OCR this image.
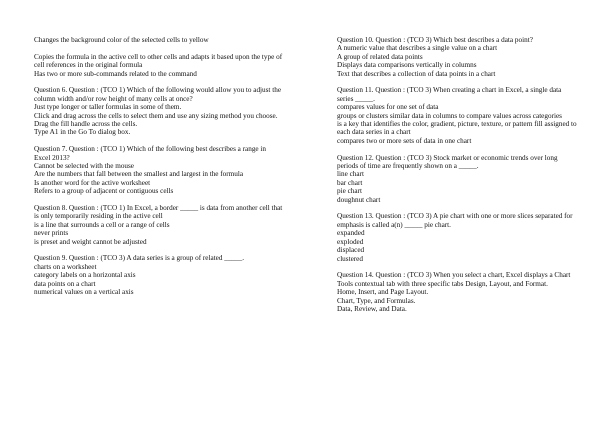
Changes the background color of the selected cells to yellow
Copies the formula in the active cell to other cells and adapts it based upon the type of cell references in the original formula
Has two or more sub-commands related to the command
Question 6. Question : (TCO 1) Which of the following would allow you to adjust the column width and/or row height of many cells at once?
Just type longer or taller formulas in some of them.
Click and drag across the cells to select them and use any sizing method you choose.
Drag the fill handle across the cells.
Type A1 in the Go To dialog box.
Question 7. Question : (TCO 1) Which of the following best describes a range in Excel 2013?
Cannot be selected with the mouse
Are the numbers that fall between the smallest and largest in the formula
Is another word for the active worksheet
Refers to a group of adjacent or contiguous cells
Question 8. Question : (TCO 1) In Excel, a border _____ is data from another cell that is only temporarily residing in the active cell
is a line that surrounds a cell or a range of cells
never prints
is preset and weight cannot be adjusted
Question 9. Question : (TCO 3) A data series is a group of related _____.
charts on a worksheet
category labels on a horizontal axis
data points on a chart
numerical values on a vertical axis
Question 10. Question : (TCO 3) Which best describes a data point?
A numeric value that describes a single value on a chart
A group of related data points
Displays data comparisons vertically in columns
Text that describes a collection of data points in a chart
Question 11. Question : (TCO 3) When creating a chart in Excel, a single data series _____.
compares values for one set of data
groups or clusters similar data in columns to compare values across categories
is a key that identifies the color, gradient, picture, texture, or pattern fill assigned to each data series in a chart
compares two or more sets of data in one chart
Question 12. Question : (TCO 3) Stock market or economic trends over long periods of time are frequently shown on a _____.
line chart
bar chart
pie chart
doughnut chart
Question 13. Question : (TCO 3) A pie chart with one or more slices separated for emphasis is called a(n) _____ pie chart.
expanded
exploded
displaced
clustered
Question 14. Question : (TCO 3) When you select a chart, Excel displays a Chart Tools contextual tab with three specific tabs Design, Layout, and Format.
Home, Insert, and Page Layout.
Chart, Type, and Formulas.
Data, Review, and Data.
